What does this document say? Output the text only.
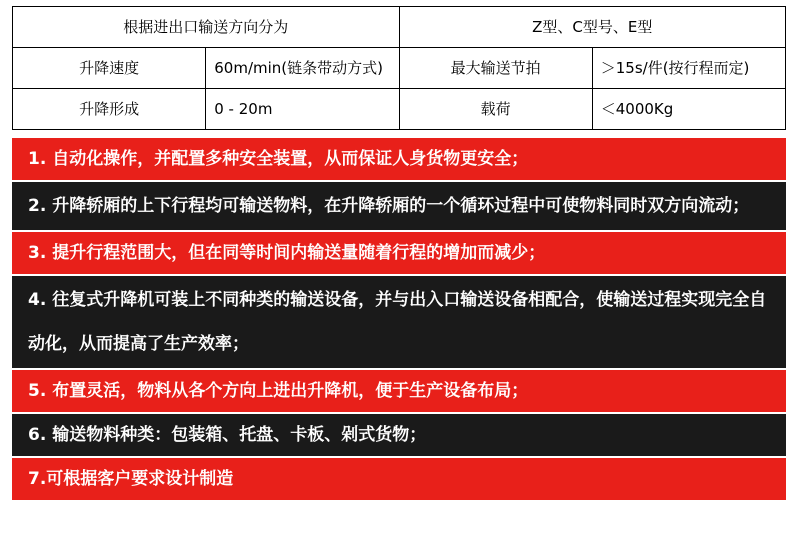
根据进出口输送方向分为		Z型、C型号、E型	
升降速度	60m/min(链条带动方式)	最大输送节拍	＞15s/件(按行程而定)
升降形成	0 - 20m	载荷	＜4000Kg
1. 自动化操作，并配置多种安全装置，从而保证人身货物更安全；
2. 升降轿厢的上下行程均可输送物料，在升降轿厢的一个循环过程中可使物料同时双方向流动；
3. 提升行程范围大，但在同等时间内输送量随着行程的增加而减少；
4. 往复式升降机可装上不同种类的输送设备，并与出入口输送设备相配合，使输送过程实现完全自动化，从而提高了生产效率；
5. 布置灵活，物料从各个方向上进出升降机，便于生产设备布局；
6. 输送物料种类：包装箱、托盘、卡板、剁式货物；
7.可根据客户要求设计制造
